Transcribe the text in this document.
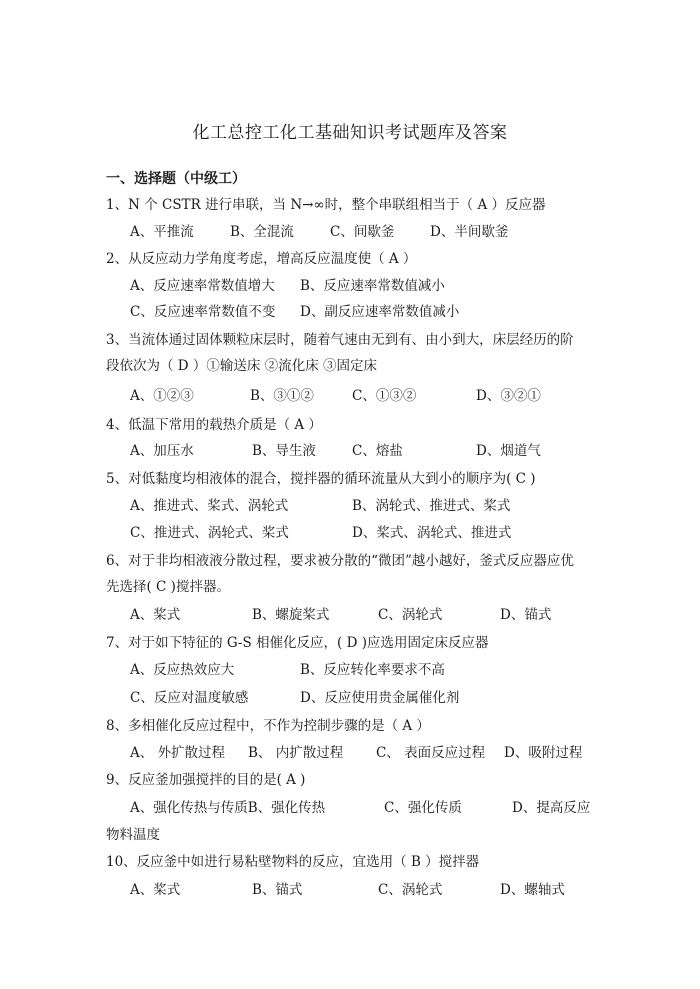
化工总控工化工基础知识考试题库及答案
一、选择题（中级工）
1、N 个 CSTR 进行串联，当 N→∞时，整个串联组相当于（ A ）反应器
A、平推流	B、全混流	C、间歇釜	D、半间歇釜
2、从反应动力学角度考虑，增高反应温度使（ A ）
A、反应速率常数值增大 B、反应速率常数值减小
C、反应速率常数值不变 D、副反应速率常数值减小
3、当流体通过固体颗粒床层时，随着气速由无到有、由小到大，床层经历的阶
段依次为（ D ）①输送床 ②流化床 ③固定床
A、①②③	B、③①②	C、①③②	D、③②①
4、低温下常用的载热介质是（ A ）
A、加压水	B、导生液	C、熔盐	D、烟道气
5、对低黏度均相液体的混合，搅拌器的循环流量从大到小的顺序为( C )
A、推进式、桨式、涡轮式	B、涡轮式、推进式、桨式
C、推进式、涡轮式、桨式	D、桨式、涡轮式、推进式
6、对于非均相液液分散过程，要求被分散的“微团”越小越好，釜式反应器应优
先选择( C )搅拌器。
A、桨式	B、螺旋桨式	C、涡轮式	D、锚式
7、对于如下特征的 G-S 相催化反应，( D )应选用固定床反应器
A、反应热效应大	B、反应转化率要求不高
C、反应对温度敏感	D、反应使用贵金属催化剂
8、多相催化反应过程中，不作为控制步骤的是（ A ）
A、 外扩散过程 B、 内扩散过程 C、 表面反应过程 D、吸附过程
9、反应釜加强搅拌的目的是( A )
A、强化传热与传质B、强化传热	C、强化传质	D、提高反应
物料温度
10、反应釜中如进行易粘壁物料的反应，宜选用（ B ）搅拌器
A、桨式	B、锚式	C、涡轮式	D、螺轴式
